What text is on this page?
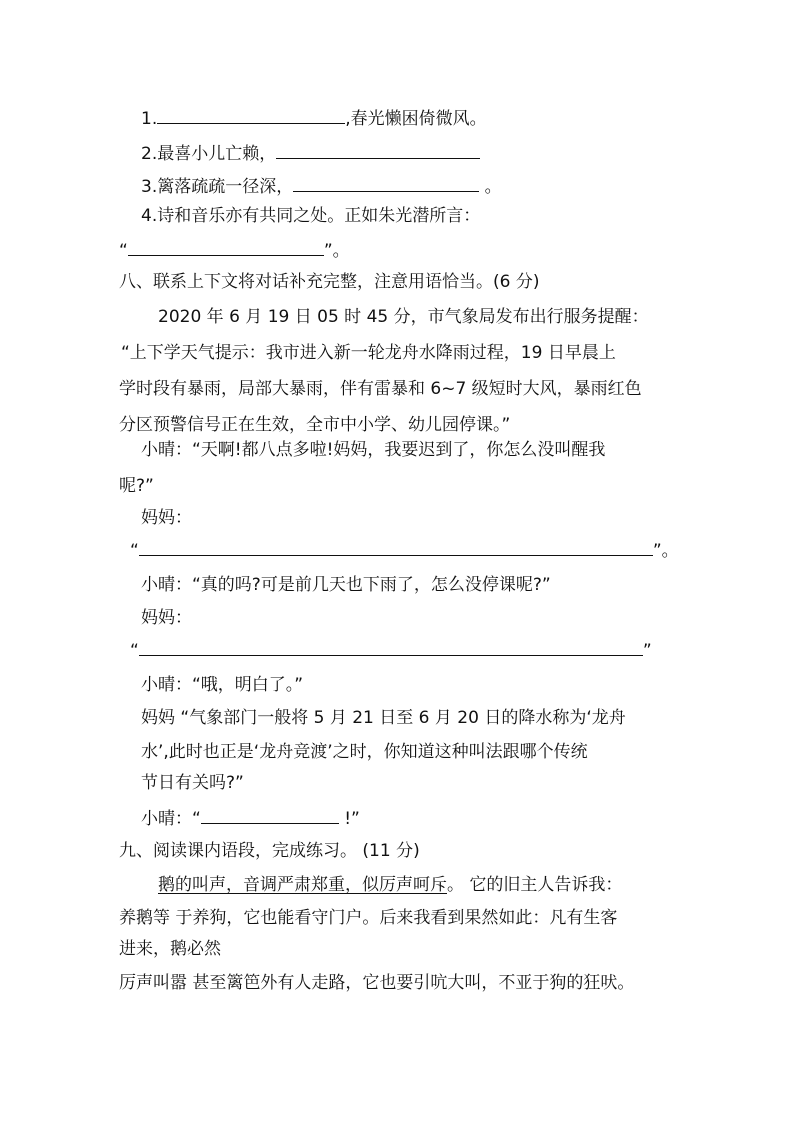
1.	,春光懒困倚微风。
2.最喜小儿亡赖，
3.篱落疏疏一径深，	。
4.诗和音乐亦有共同之处。正如朱光潜所言：
“	”。
八、联系上下文将对话补充完整，注意用语恰当。(6 分)
2020 年 6 月 19 日 05 时 45 分，市气象局发布出行服务提醒：
“上下学天气提示：我市进入新一轮龙舟水降雨过程，19 日早晨上
学时段有暴雨，局部大暴雨，伴有雷暴和 6~7 级短时大风，暴雨红色
分区预警信号正在生效，全市中小学、幼儿园停课。”
小晴：“天啊!都八点多啦!妈妈，我要迟到了，你怎么没叫醒我
呢?”
妈妈：
“	”。
小晴：“真的吗?可是前几天也下雨了，怎么没停课呢?”
妈妈：
“	”
小晴：“哦，明白了。”
妈妈 “气象部门一般将 5 月 21 日至 6 月 20 日的降水称为‘龙舟
水’,此时也正是‘龙舟竞渡’之时，你知道这种叫法跟哪个传统
节日有关吗?”
小晴：“	!”
九、阅读课内语段，完成练习。 (11 分)
鹅的叫声，音调严肃郑重，似厉声呵斥。 它的旧主人告诉我：
养鹅等 于养狗，它也能看守门户。后来我看到果然如此：凡有生客
进来，鹅必然
厉声叫嚣 甚至篱笆外有人走路，它也要引吭大叫，不亚于狗的狂吠。
